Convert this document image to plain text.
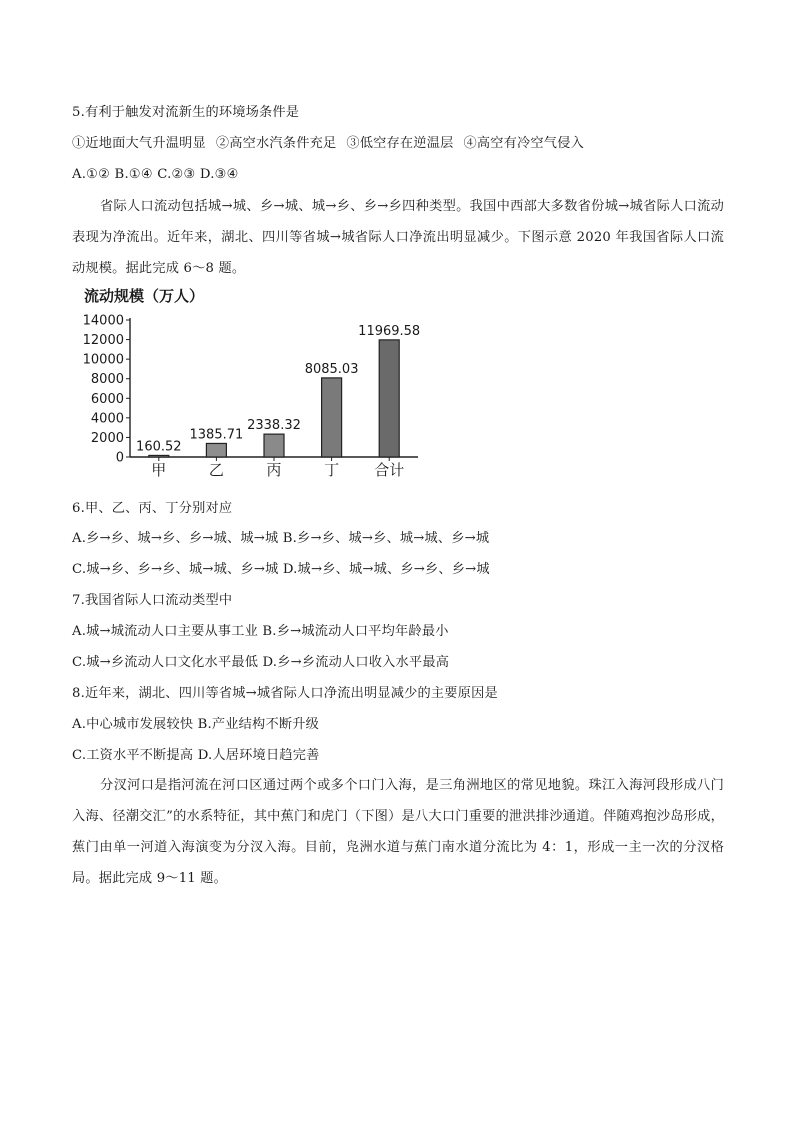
5.有利于触发对流新生的环境场条件是
①近地面大气升温明显 ②高空水汽条件充足 ③低空存在逆温层 ④高空有冷空气侵入
A.①② B.①④ C.②③ D.③④
省际人口流动包括城→城、乡→城、城→乡、乡→乡四种类型。我国中西部大多数省份城→城省际人口流动表现为净流出。近年来，湖北、四川等省城→城省际人口净流出明显减少。下图示意 2020 年我国省际人口流动规模。据此完成 6～8 题。
流动规模（万人）
0
2000
4000
6000
8000
10000
12000
14000
甲	乙	丙	丁 合计
160.52
1385.71
2338.32
8085.03
11969.58
6.甲、乙、丙、丁分别对应
A.乡→乡、城→乡、乡→城、城→城 B.乡→乡、城→乡、城→城、乡→城
C.城→乡、乡→乡、城→城、乡→城 D.城→乡、城→城、乡→乡、乡→城
7.我国省际人口流动类型中
A.城→城流动人口主要从事工业 B.乡→城流动人口平均年龄最小
C.城→乡流动人口文化水平最低 D.乡→乡流动人口收入水平最高
8.近年来，湖北、四川等省城→城省际人口净流出明显减少的主要原因是
A.中心城市发展较快 B.产业结构不断升级
C.工资水平不断提高 D.人居环境日趋完善
分汊河口是指河流在河口区通过两个或多个口门入海，是三角洲地区的常见地貌。珠江入海河段形成八门入海、径潮交汇”的水系特征，其中蕉门和虎门（下图）是八大口门重要的泄洪排沙通道。伴随鸡抱沙岛形成，蕉门由单一河道入海演变为分汊入海。目前，凫洲水道与蕉门南水道分流比为 4：1，形成一主一次的分汊格局。据此完成 9～11 题。
